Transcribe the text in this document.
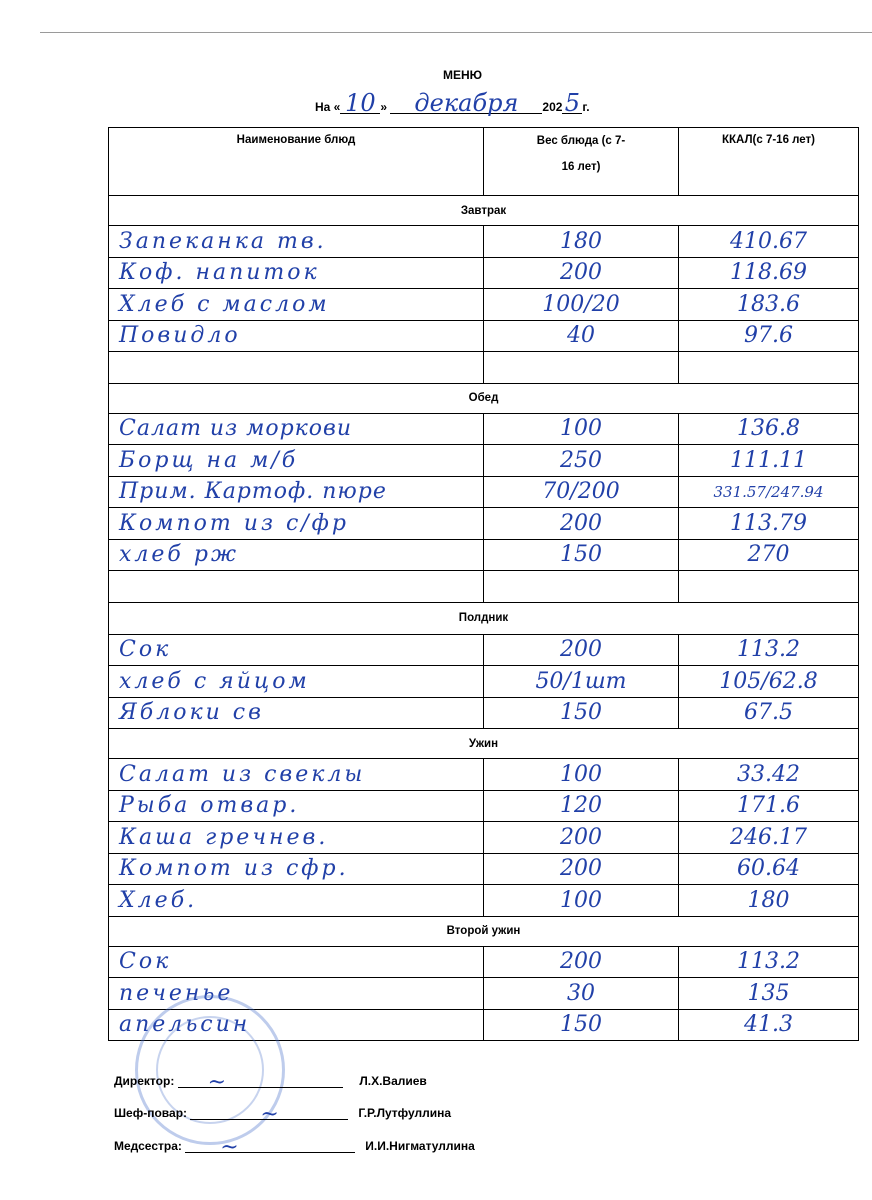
МЕНЮ
На « 10 »	декабря	202 5 г.
Наименование блюд	Вес блюда (с 7-16 лет)	ККАЛ(с 7-16 лет)
Завтрак		
Запеканка тв.	180	410.67
Коф. напиток	200	118.69
Хлеб с маслом	100/20	183.6
Повидло	40	97.6

Обед		
Салат из моркови	100	136.8
Борщ на м/б	250	111.11
Прим. Картоф. пюре	70/200	331.57/247.94
Компот из с/фр	200	113.79
хлеб рж	150	270

Полдник		
Сок	200	113.2
хлеб с яйцом	50/1шт	105/62.8
Яблоки св	150	67.5
Ужин		
Салат из свеклы	100	33.42
Рыба отвар.	120	171.6
Каша гречнев.	200	246.17
Компот из сфр.	200	60.64
Хлеб.	100	180
Второй ужин		
Сок	200	113.2
печенье	30	135
апельсин	150	41.3
Директор: ~	Л.Х.Валиев
Шеф-повар:	~	Г.Р.Лутфуллина
Медсестра: ~	И.И.Нигматуллина
